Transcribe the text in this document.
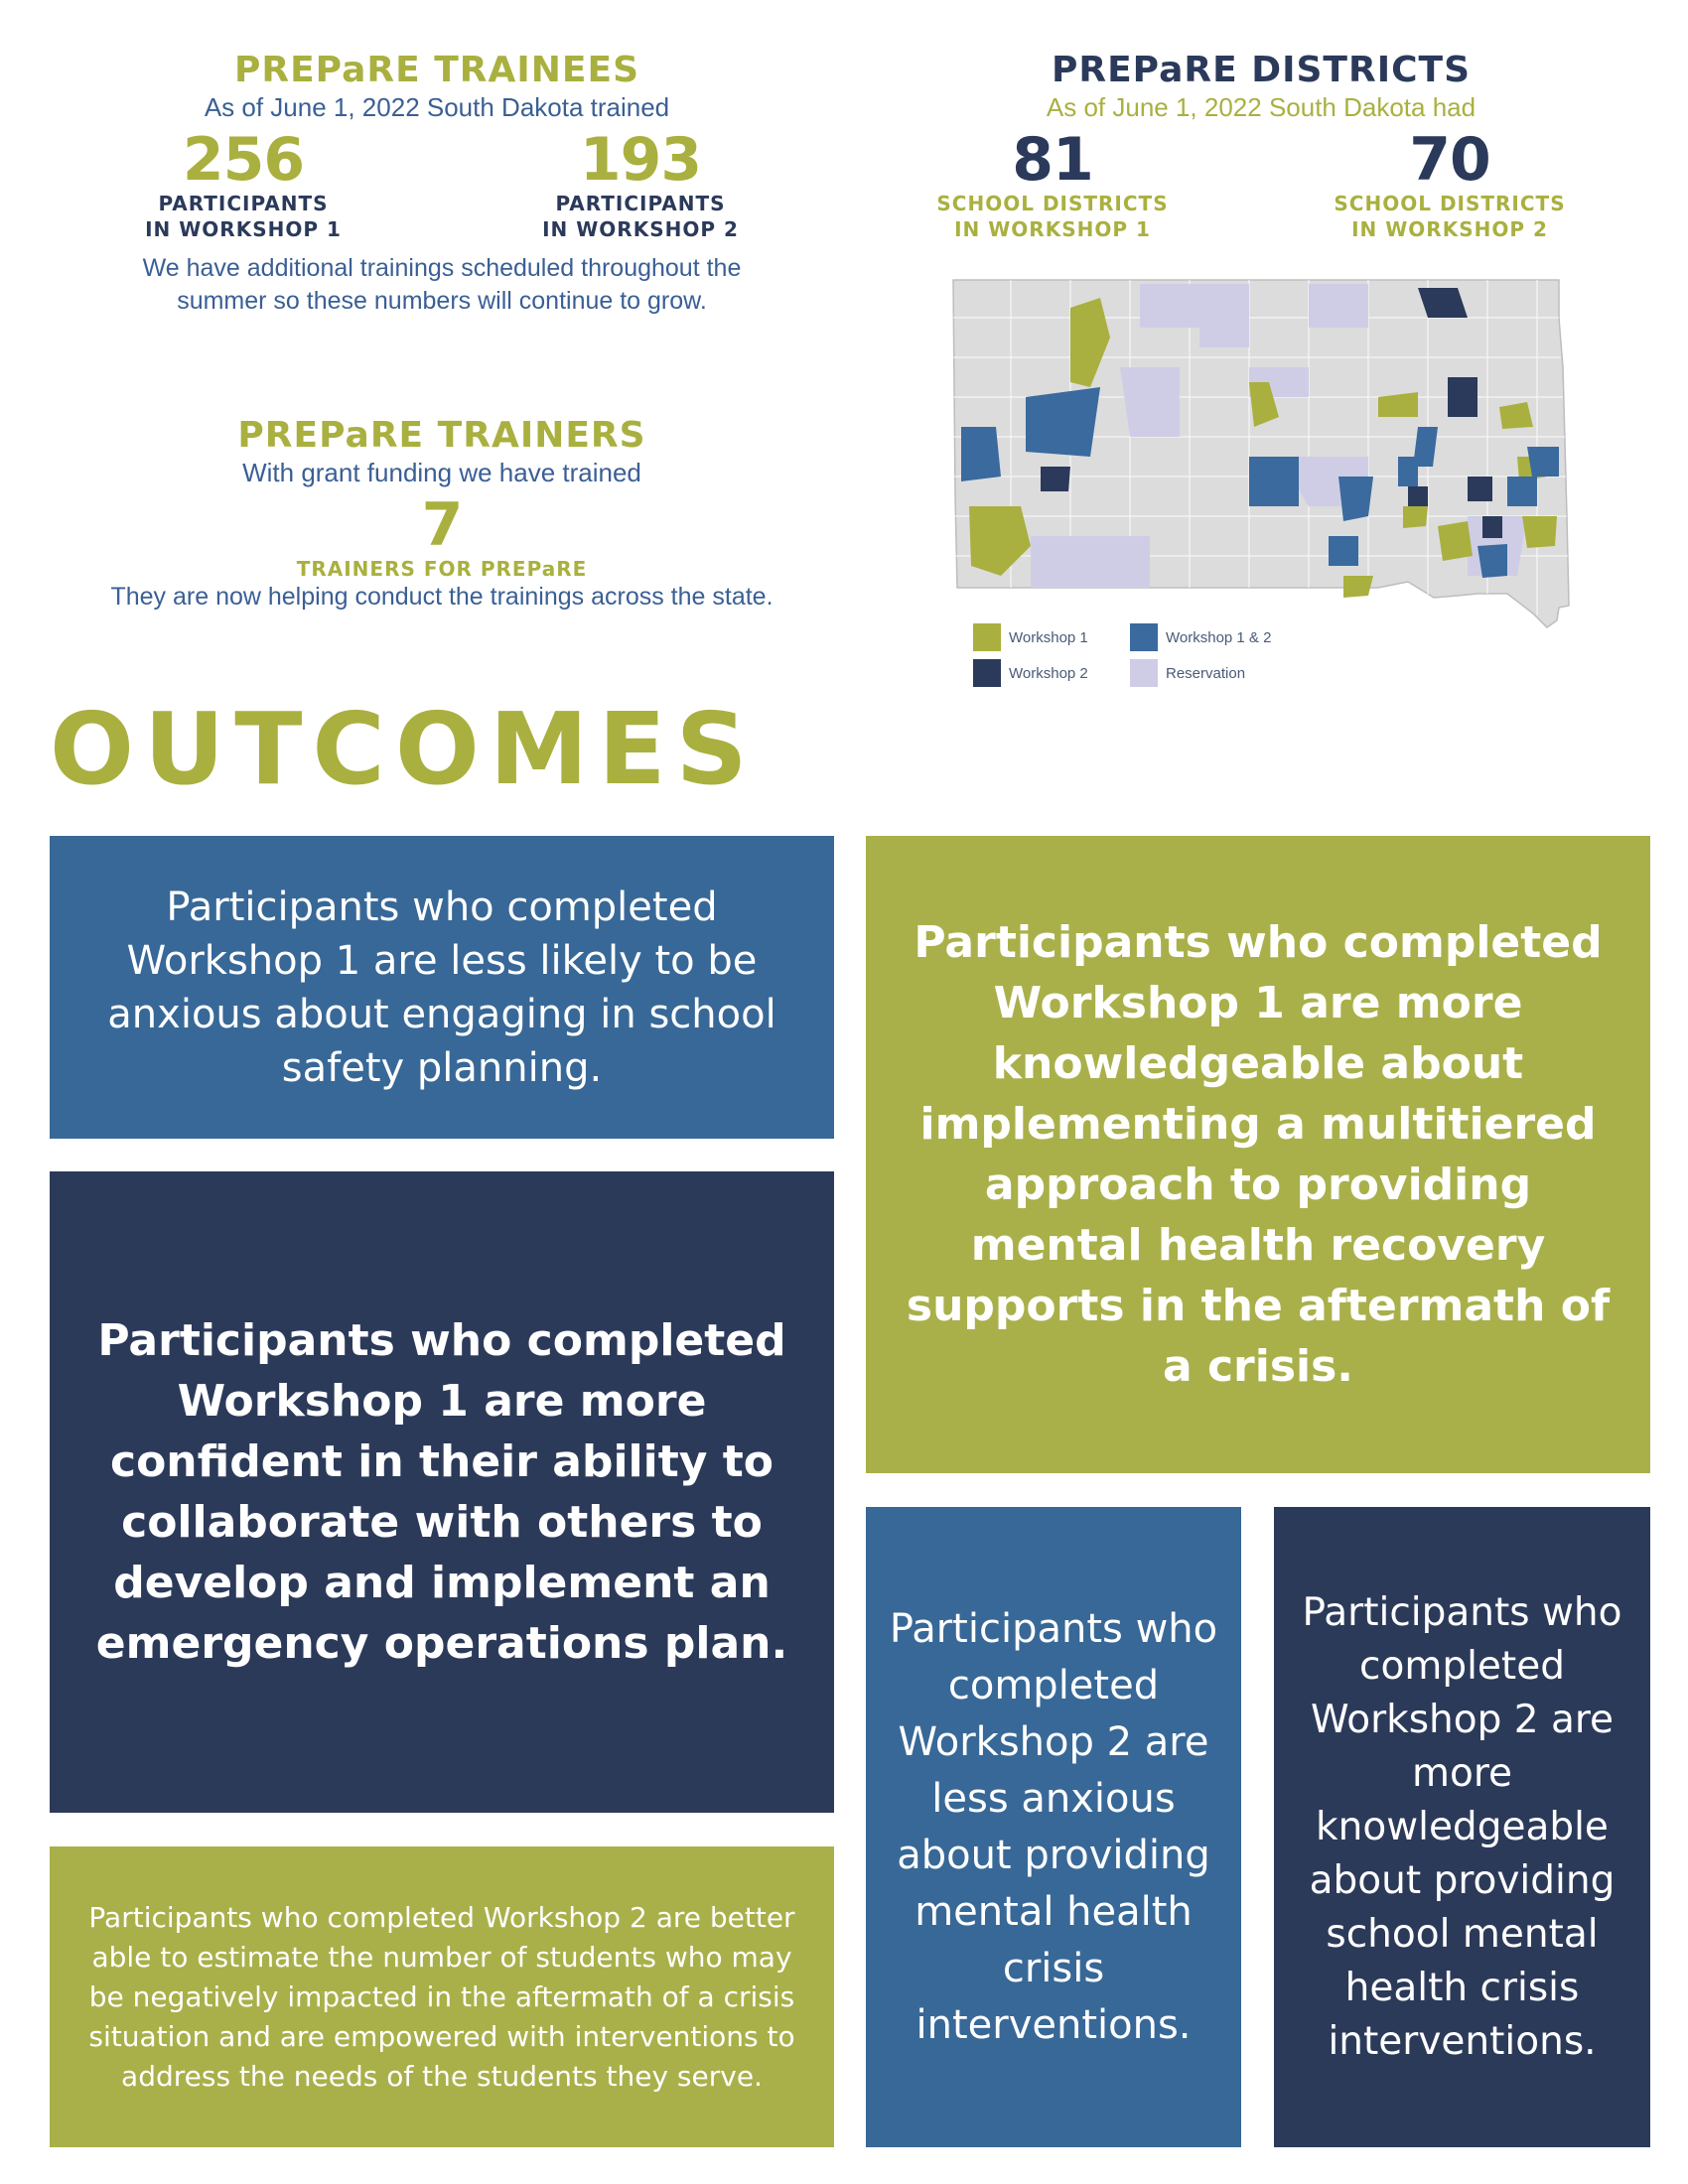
PREPaRE TRAINEES
As of June 1, 2022 South Dakota trained
256
PARTICIPANTS
IN WORKSHOP 1
193
PARTICIPANTS
IN WORKSHOP 2
We have additional trainings scheduled throughout the summer so these numbers will continue to grow.
PREPaRE TRAINERS
With grant funding we have trained
7
TRAINERS FOR PREPaRE
They are now helping conduct the trainings across the state.
PREPaRE DISTRICTS
As of June 1, 2022 South Dakota had
81
SCHOOL DISTRICTS
IN WORKSHOP 1
70
SCHOOL DISTRICTS
IN WORKSHOP 2
Workshop 1	Workshop 1 & 2
Workshop 2	Reservation
OUTCOMES
Participants who completed Workshop 1 are less likely to be anxious about engaging in school safety planning.
Participants who completed Workshop 1 are more knowledgeable about implementing a multitiered approach to providing mental health recovery supports in the aftermath of a crisis.
Participants who completed Workshop 1 are more confident in their ability to collaborate with others to develop and implement an emergency operations plan.	Participants who completed Workshop 2 are less anxious about providing mental health crisis interventions.
Participants who completed Workshop 2 are more knowledgeable about providing school mental health crisis interventions.
Participants who completed Workshop 2 are better able to estimate the number of students who may be negatively impacted in the aftermath of a crisis situation and are empowered with interventions to address the needs of the students they serve.
